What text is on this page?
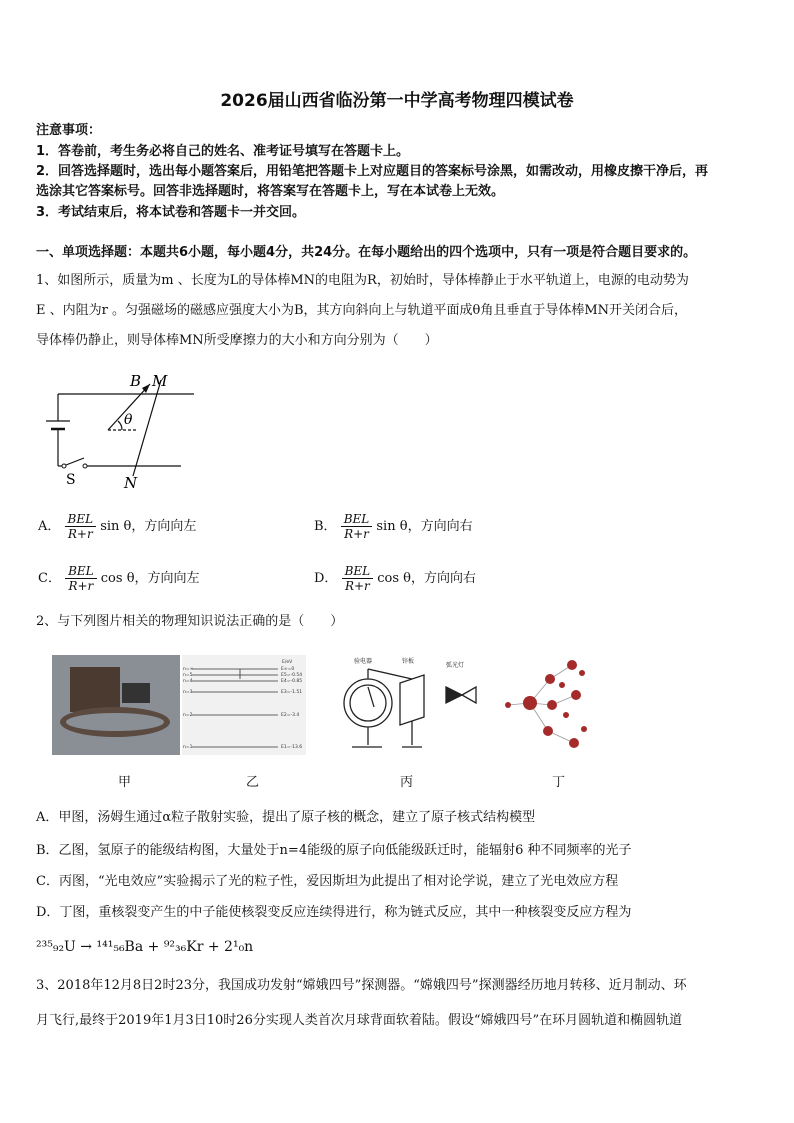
2026届山西省临汾第一中学高考物理四模试卷
注意事项：
1．答卷前，考生务必将自己的姓名、准考证号填写在答题卡上。
2．回答选择题时，选出每小题答案后，用铅笔把答题卡上对应题目的答案标号涂黑，如需改动，用橡皮擦干净后，再
选涂其它答案标号。回答非选择题时，将答案写在答题卡上，写在本试卷上无效。
3．考试结束后，将本试卷和答题卡一并交回。
一、单项选择题：本题共6小题，每小题4分，共24分。在每小题给出的四个选项中，只有一项是符合题目要求的。
1、如图所示，质量为m 、长度为L的导体棒MN的电阻为R，初始时，导体棒静止于水平轨道上，电源的电动势为
E 、内阻为r 。匀强磁场的磁感应强度大小为B，其方向斜向上与轨道平面成θ角且垂直于导体棒MN开关闭合后，
导体棒仍静止，则导体棒MN所受摩擦力的大小和方向分别为（　　）
B M
θ
S	N
A． $\frac{\text{BEL}}{R+r}$ sin θ，方向向左	B． $\frac{\text{BEL}}{R+r}$ sin θ，方向向右
C． $\frac{\text{BEL}}{R+r}$ cos θ，方向向左	D． $\frac{\text{BEL}}{R+r}$ cos θ，方向向右
2、与下列图片相关的物理知识说法正确的是（　　）
E/eV
n=∞
n=5
n=4
n=3
n=2
n=1
E∞=0
E5=-0.54
E4=-0.85
E3=-1.51
E2=-3.4
E1=-13.6
验电器	锌板
弧光灯
甲	乙	丙	丁
A．甲图，汤姆生通过α粒子散射实验，提出了原子核的概念，建立了原子核式结构模型
B．乙图，氢原子的能级结构图，大量处于n=4能级的原子向低能级跃迁时，能辐射6 种不同频率的光子
C．丙图，“光电效应”实验揭示了光的粒子性，爱因斯坦为此提出了相对论学说，建立了光电效应方程
D．丁图，重核裂变产生的中子能使核裂变反应连续得进行，称为链式反应，其中一种核裂变反应方程为
²³⁵₉₂U → ¹⁴¹₅₆Ba + ⁹²₃₆Kr + 2¹₀n
3、2018年12月8日2时23分，我国成功发射“嫦娥四号”探测器。“嫦娥四号”探测器经历地月转移、近月制动、环
月飞行,最终于2019年1月3日10时26分实现人类首次月球背面软着陆。假设“嫦娥四号”在环月圆轨道和椭圆轨道
